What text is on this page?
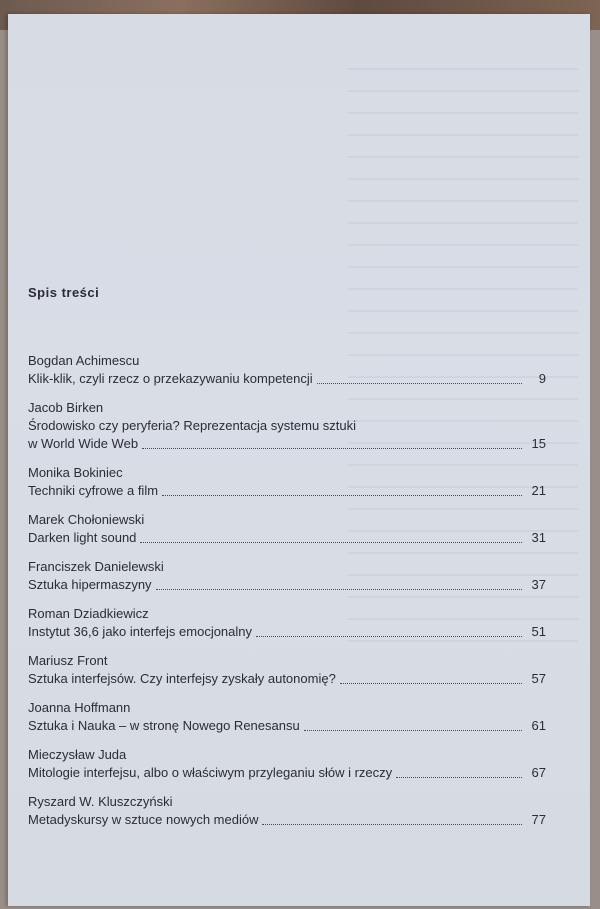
Spis treści
Bogdan Achimescu
Klik-klik, czyli rzecz o przekazywaniu kompetencji	9
Jacob Birken
Środowisko czy peryferia? Reprezentacja systemu sztuki
w World Wide Web	15
Monika Bokiniec
Techniki cyfrowe a film	21
Marek Chołoniewski
Darken light sound	31
Franciszek Danielewski
Sztuka hipermaszyny	37
Roman Dziadkiewicz
Instytut 36,6 jako interfejs emocjonalny	51
Mariusz Front
Sztuka interfejsów. Czy interfejsy zyskały autonomię?	57
Joanna Hoffmann
Sztuka i Nauka – w stronę Nowego Renesansu	61
Mieczysław Juda
Mitologie interfejsu, albo o właściwym przyleganiu słów i rzeczy	67
Ryszard W. Kluszczyński
Metadyskursy w sztuce nowych mediów	77
